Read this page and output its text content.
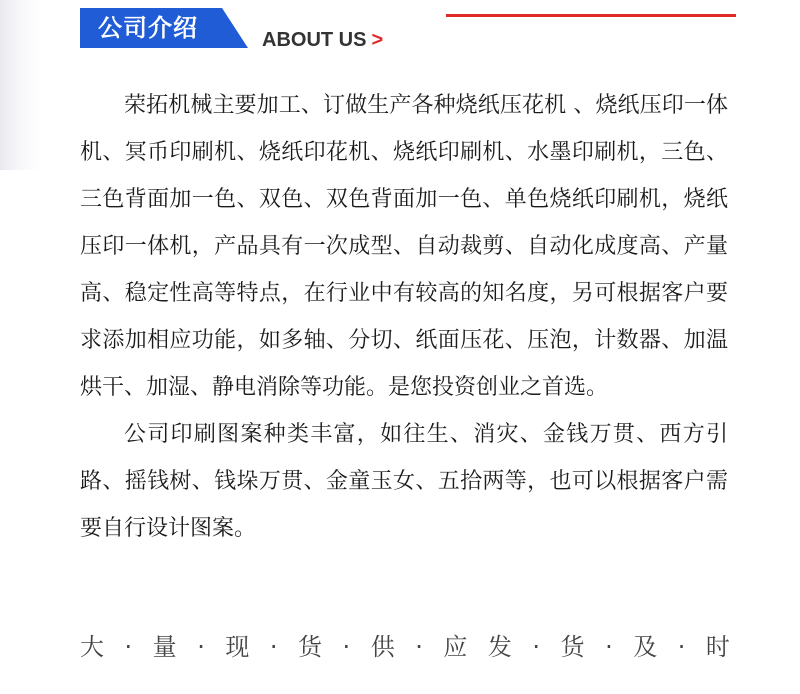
公司介绍	ABOUT US >

荣拓机械主要加工、订做生产各种烧纸压花机 、烧纸压印一体机、冥币印刷机、烧纸印花机、烧纸印刷机、水墨印刷机，三色、三色背面加一色、双色、双色背面加一色、单色烧纸印刷机，烧纸压印一体机，产品具有一次成型、自动裁剪、自动化成度高、产量高、稳定性高等特点，在行业中有较高的知名度，另可根据客户要求添加相应功能，如多轴、分切、纸面压花、压泡，计数器、加温烘干、加湿、静电消除等功能。是您投资创业之首选。

公司印刷图案种类丰富，如往生、消灾、金钱万贯、西方引路、摇钱树、钱垛万贯、金童玉女、五拾两等，也可以根据客户需要自行设计图案。

大 · 量 · 现 · 货 · 供 · 应 发 · 货 · 及 · 时
